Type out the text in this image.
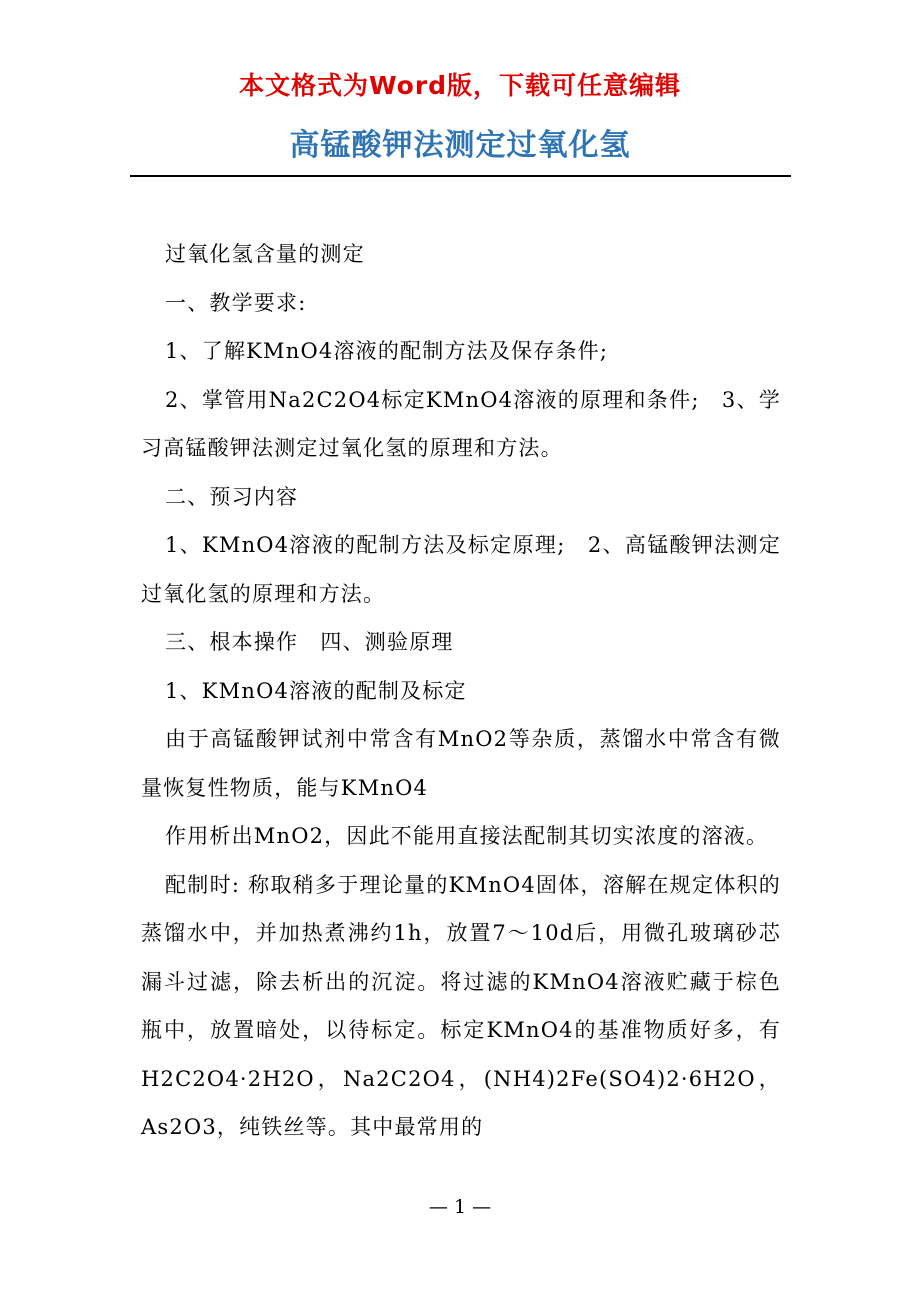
本文格式为Word版，下载可任意编辑
高锰酸钾法测定过氧化氢

过氧化氢含量的测定

一、教学要求:

1、了解KMnO4溶液的配制方法及保存条件;

2、掌管用Na2C2O4标定KMnO4溶液的原理和条件;　3、学习高锰酸钾法测定过氧化氢的原理和方法。

二、预习内容

1、KMnO4溶液的配制方法及标定原理;　2、高锰酸钾法测定过氧化氢的原理和方法。

三、根本操作　四、测验原理

1、KMnO4溶液的配制及标定

由于高锰酸钾试剂中常含有MnO2等杂质，蒸馏水中常含有微量恢复性物质，能与KMnO4

作用析出MnO2，因此不能用直接法配制其切实浓度的溶液。

配制时: 称取稍多于理论量的KMnO4固体，溶解在规定体积的蒸馏水中，并加热煮沸约1h，放置7～10d后，用微孔玻璃砂芯漏斗过滤，除去析出的沉淀。将过滤的KMnO4溶液贮藏于棕色瓶中，放置暗处，以待标定。标定KMnO4的基准物质好多，有H2C2O4·2H2O，Na2C2O4，(NH4)2Fe(SO4)2·6H2O，As2O3，纯铁丝等。其中最常用的

— 1 —
